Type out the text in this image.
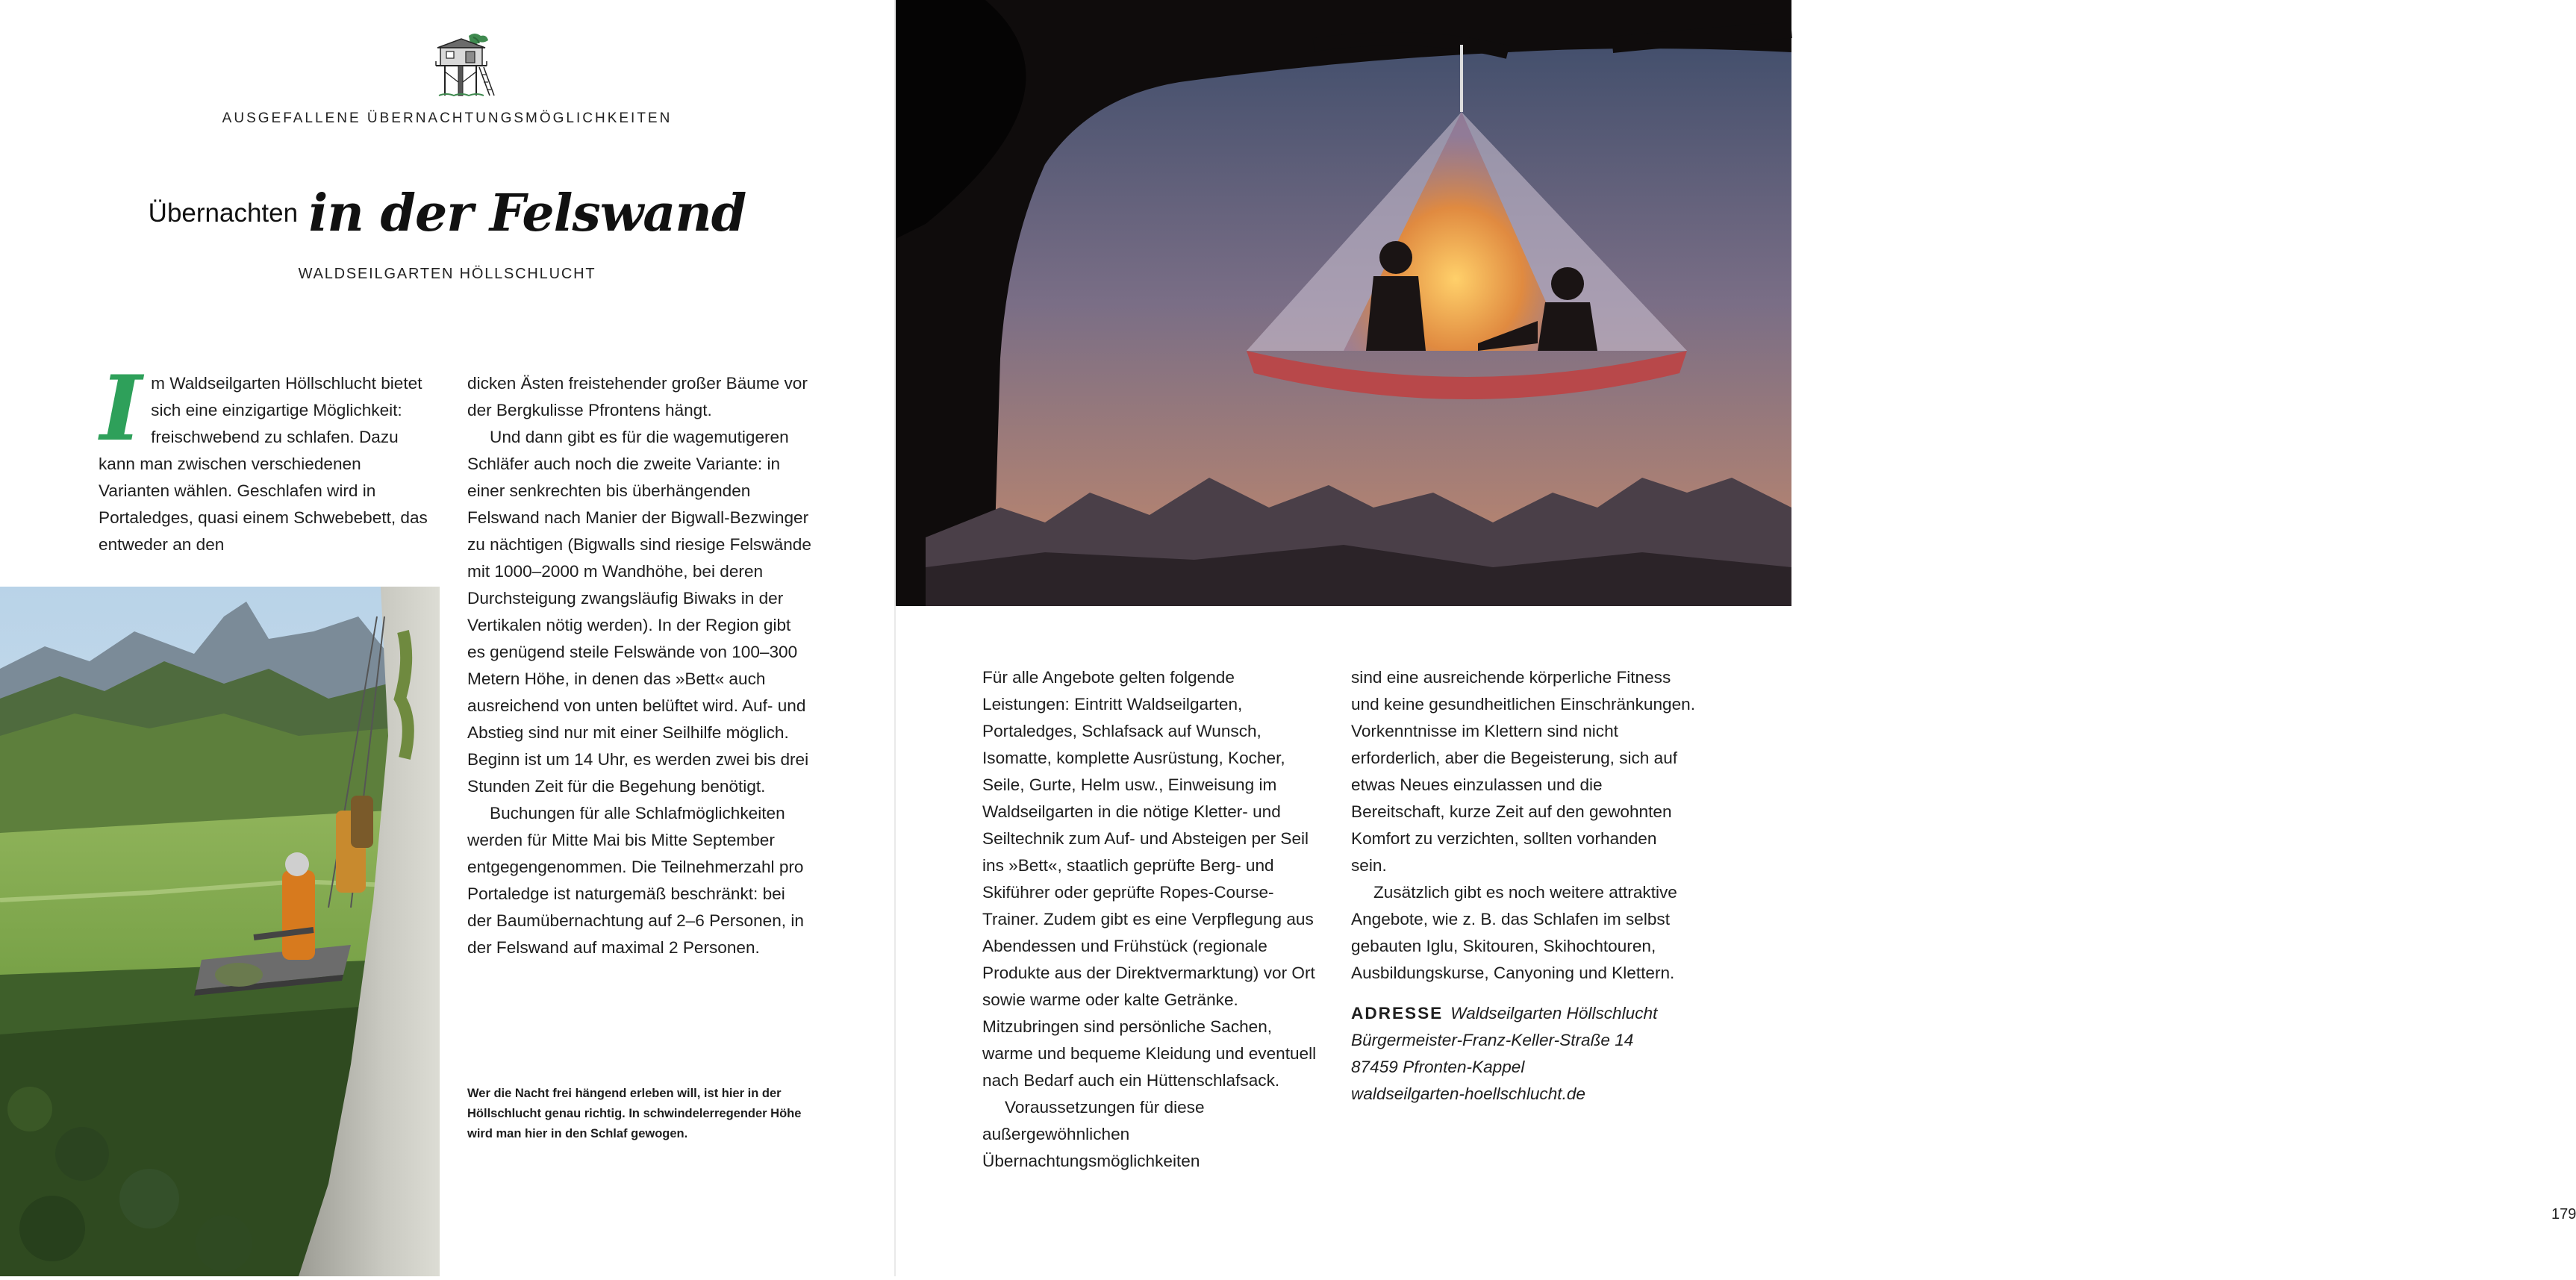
AUSGEFALLENE ÜBERNACHTUNGSMÖGLICHKEITEN
Übernachten in der Felswand
WALDSEILGARTEN HÖLLSCHLUCHT
I m Waldseilgarten Höllschlucht bietet sich eine einzigartige Möglichkeit: freischwebend zu schlafen. Dazu kann man zwischen verschiedenen Varianten wählen. Geschlafen wird in Portaledges, quasi einem Schwebebett, das entweder an den

dicken Ästen freistehender großer Bäume vor der Bergkulisse Pfrontens hängt.

Und dann gibt es für die wagemutigeren Schläfer auch noch die zweite Variante: in einer senkrechten bis überhängenden Felswand nach Manier der Bigwall-Bezwinger zu nächtigen (Bigwalls sind riesige Felswände mit 1000–2000 m Wandhöhe, bei deren Durchsteigung zwangsläufig Biwaks in der Vertikalen nötig werden). In der Region gibt es genügend steile Felswände von 100–300 Metern Höhe, in denen das »Bett« auch ausreichend von unten belüftet wird. Auf- und Abstieg sind nur mit einer Seilhilfe möglich. Beginn ist um 14 Uhr, es werden zwei bis drei Stunden Zeit für die Begehung benötigt.

Buchungen für alle Schlafmöglichkeiten werden für Mitte Mai bis Mitte September entgegengenommen. Die Teilnehmerzahl pro Portaledge ist naturgemäß beschränkt: bei der Baumübernachtung auf 2–6 Personen, in der Felswand auf maximal 2 Personen.

Wer die Nacht frei hängend erleben will, ist hier in der Höllschlucht genau richtig. In schwindelerregender Höhe wird man hier in den Schlaf gewogen.

Für alle Angebote gelten folgende Leistungen: Eintritt Waldseilgarten, Portaledges, Schlafsack auf Wunsch, Isomatte, komplette Ausrüstung, Kocher, Seile, Gurte, Helm usw., Einweisung im Waldseilgarten in die nötige Kletter- und Seiltechnik zum Auf- und Absteigen per Seil ins »Bett«, staatlich geprüfte Berg- und Skiführer oder geprüfte Ropes-Course-Trainer. Zudem gibt es eine Verpflegung aus Abendessen und Frühstück (regionale Produkte aus der Direktvermarktung) vor Ort sowie warme oder kalte Getränke. Mitzubringen sind persönliche Sachen, warme und bequeme Kleidung und eventuell nach Bedarf auch ein Hüttenschlafsack.

Voraussetzungen für diese außergewöhnlichen Übernachtungsmöglichkeiten

sind eine ausreichende körperliche Fitness und keine gesundheitlichen Einschränkungen. Vorkenntnisse im Klettern sind nicht erforderlich, aber die Begeisterung, sich auf etwas Neues einzulassen und die Bereitschaft, kurze Zeit auf den gewohnten Komfort zu verzichten, sollten vorhanden sein.

Zusätzlich gibt es noch weitere attraktive Angebote, wie z. B. das Schlafen im selbst gebauten Iglu, Skitouren, Skihochtouren, Ausbildungskurse, Canyoning und Klettern.

ADRESSE Waldseilgarten Höllschlucht
Bürgermeister-Franz-Keller-Straße 14
87459 Pfronten-Kappel
waldseilgarten-hoellschlucht.de
179
